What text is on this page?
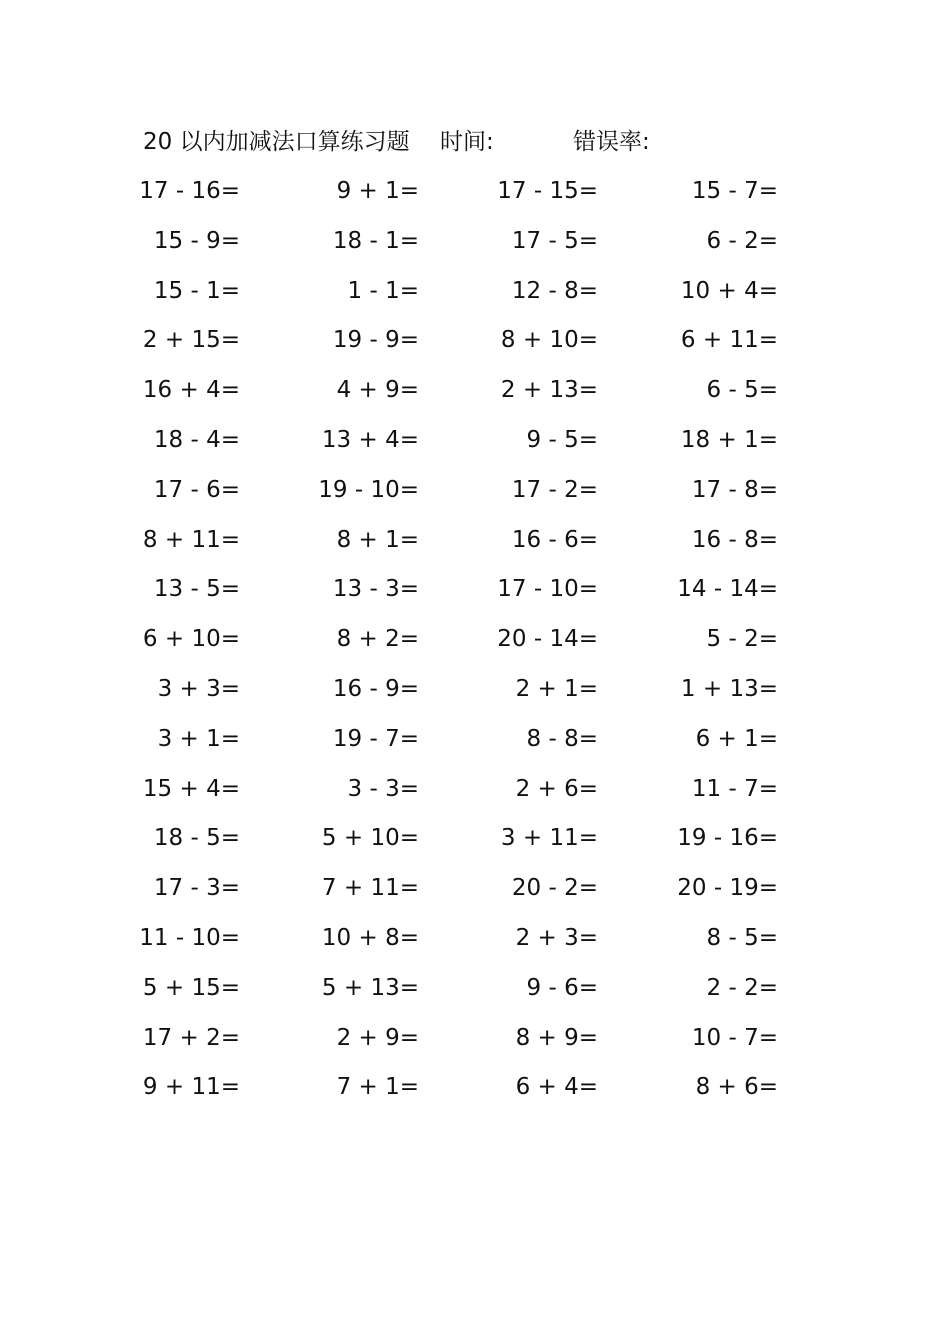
20 以内加减法口算练习题 时间:	错误率:
17 - 16=	9 + 1=	17 - 15=	15 - 7=
15 - 9=	18 - 1=	17 - 5=	6 - 2=
15 - 1=	1 - 1=	12 - 8=	10 + 4=
2 + 15=	19 - 9=	8 + 10=	6 + 11=
16 + 4=	4 + 9=	2 + 13=	6 - 5=
18 - 4=	13 + 4=	9 - 5=	18 + 1=
17 - 6=	19 - 10=	17 - 2=	17 - 8=
8 + 11=	8 + 1=	16 - 6=	16 - 8=
13 - 5=	13 - 3=	17 - 10=	14 - 14=
6 + 10=	8 + 2=	20 - 14=	5 - 2=
3 + 3=	16 - 9=	2 + 1=	1 + 13=
3 + 1=	19 - 7=	8 - 8=	6 + 1=
15 + 4=	3 - 3=	2 + 6=	11 - 7=
18 - 5=	5 + 10=	3 + 11=	19 - 16=
17 - 3=	7 + 11=	20 - 2=	20 - 19=
11 - 10=	10 + 8=	2 + 3=	8 - 5=
5 + 15=	5 + 13=	9 - 6=	2 - 2=
17 + 2=	2 + 9=	8 + 9=	10 - 7=
9 + 11=	7 + 1=	6 + 4=	8 + 6=
